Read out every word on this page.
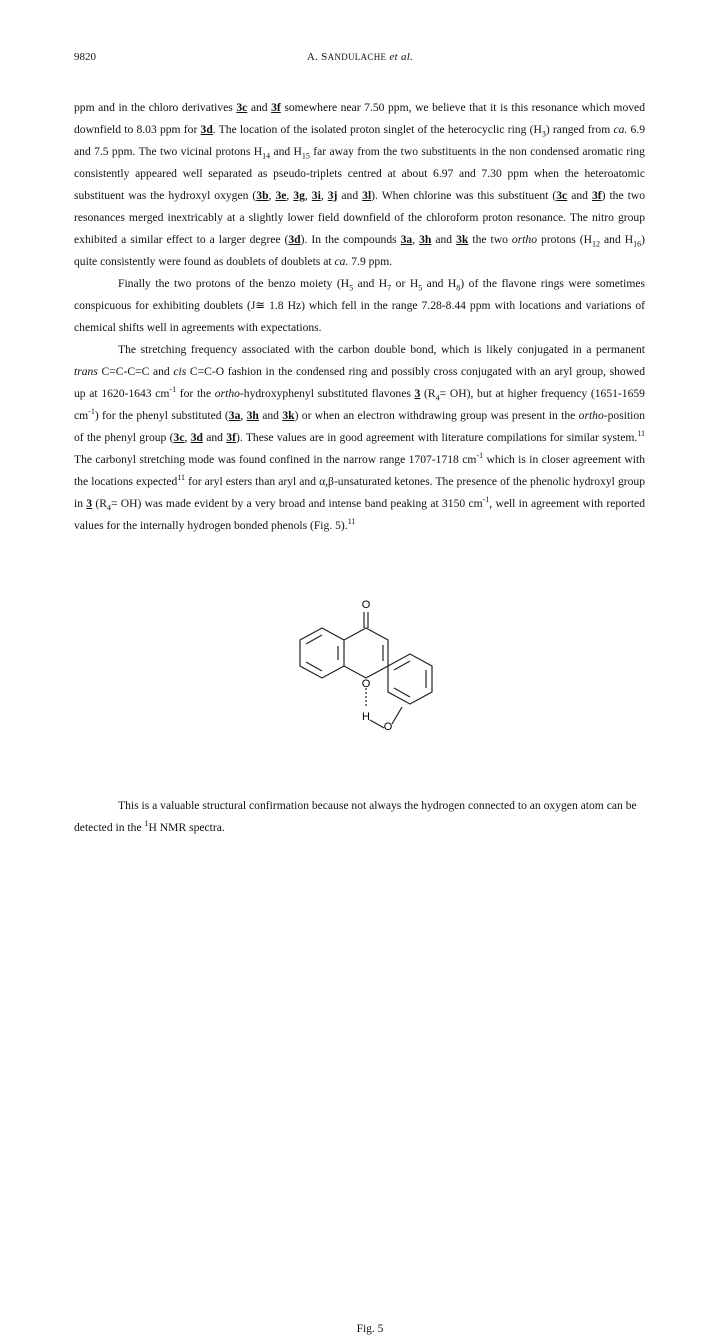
9820	A. SANDULACHE et al.

ppm and in the chloro derivatives 3c and 3f somewhere near 7.50 ppm, we believe that it is this resonance which moved downfield to 8.03 ppm for 3d. The location of the isolated proton singlet of the heterocyclic ring $(H_3)$ ranged from ca. 6.9 and 7.5 ppm. The two vicinal protons $H_{14}$ and $H_{15}$ far away from the two substituents in the non condensed aromatic ring consistently appeared well separated as pseudo-triplets centred at about 6.97 and 7.30 ppm when the heteroatomic substituent was the hydroxyl oxygen (3b, 3e, 3g, 3i, 3j and 3l). When chlorine was this substituent (3c and 3f) the two resonances merged inextricably at a slightly lower field downfield of the chloroform proton resonance. The nitro group exhibited a similar effect to a larger degree (3d). In the compounds 3a, 3h and 3k the two ortho protons ($H_{12}$ and $H_{16}$) quite consistently were found as doublets of doublets at ca. 7.9 ppm.

Finally the two protons of the benzo moiety ($H_5$ and $H_7$ or $H_5$ and $H_8$) of the flavone rings were sometimes conspicuous for exhibiting doublets (J≅ 1.8 Hz) which fell in the range 7.28-8.44 ppm with locations and variations of chemical shifts well in agreements with expectations.

The stretching frequency associated with the carbon double bond, which is likely conjugated in a permanent trans C=C-C=C and cis C=C-O fashion in the condensed ring and possibly cross conjugated with an aryl group, showed up at 1620-1643 $cm^{-1}$ for the ortho-hydroxyphenyl substituted flavones 3 $(R_4= OH)$, but at higher frequency (1651-1659 $cm^{-1}$) for the phenyl substituted (3a, 3h and 3k) or when an electron withdrawing group was present in the ortho-position of the phenyl group (3c, 3d and 3f). These values are in good agreement with literature compilations for similar system.$^{11}$ The carbonyl stretching mode was found confined in the narrow range 1707-1718 $cm^{-1}$ which is in closer agreement with the locations expected$^{11}$ for aryl esters than aryl and α,β-unsaturated ketones. The presence of the phenolic hydroxyl group in 3 $(R_4= OH)$ was made evident by a very broad and intense band peaking at 3150 $cm^{-1}$, well in agreement with reported values for the internally hydrogen bonded phenols (Fig. 5).$^{11}$

O
O
H
O
Fig. 5

This is a valuable structural confirmation because not always the hydrogen connected to an oxygen atom can be detected in the $^1$H NMR spectra.
